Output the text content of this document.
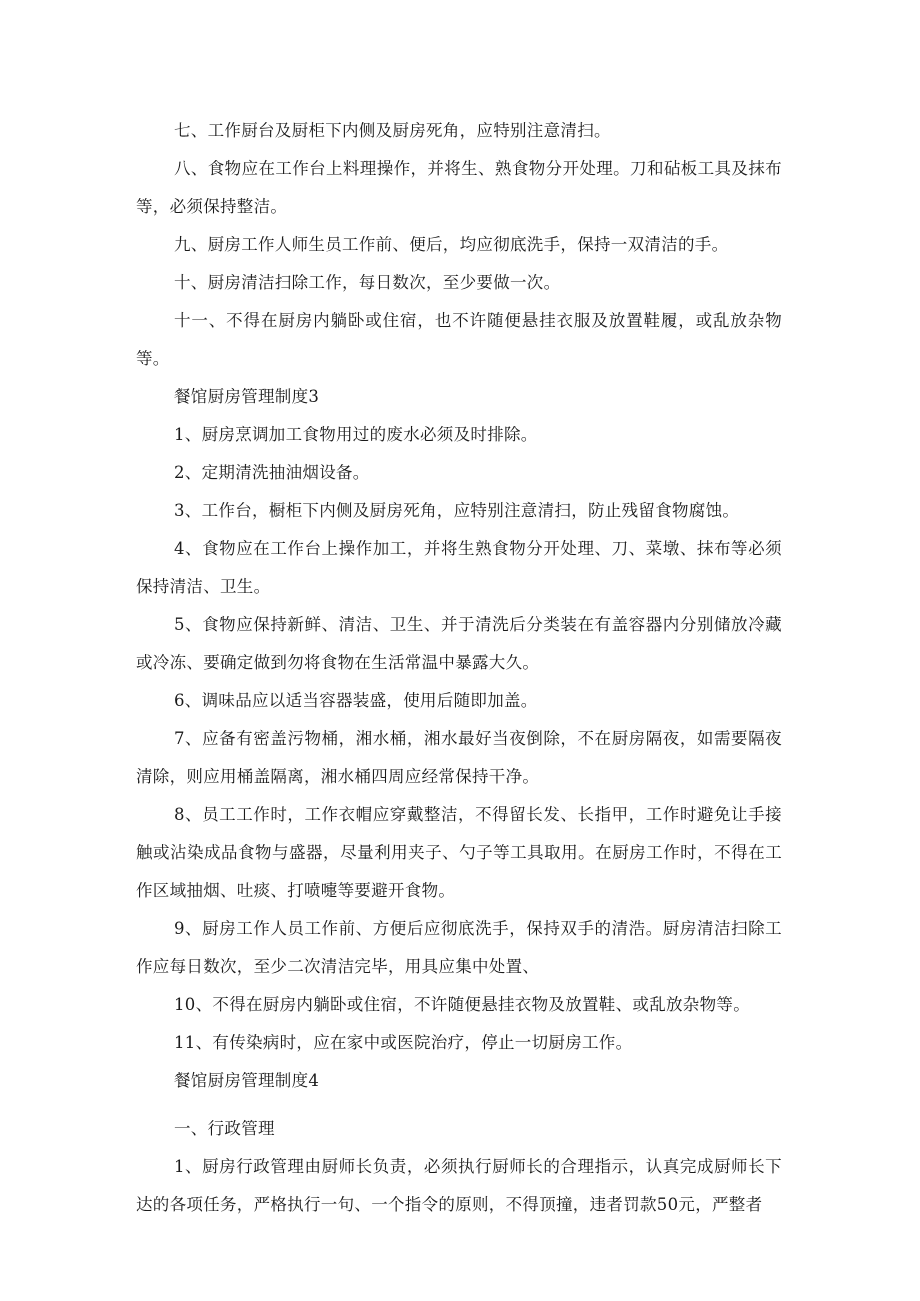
七、工作厨台及厨柜下内侧及厨房死角，应特别注意清扫。

八、食物应在工作台上料理操作，并将生、熟食物分开处理。刀和砧板工具及抹布等，必须保持整洁。

九、厨房工作人师生员工作前、便后，均应彻底洗手，保持一双清洁的手。

十、厨房清洁扫除工作，每日数次，至少要做一次。

十一、不得在厨房内躺卧或住宿，也不许随便悬挂衣服及放置鞋履，或乱放杂物等。

餐馆厨房管理制度3

1、厨房烹调加工食物用过的废水必须及时排除。

2、定期清洗抽油烟设备。

3、工作台，橱柜下内侧及厨房死角，应特别注意清扫，防止残留食物腐蚀。

4、食物应在工作台上操作加工，并将生熟食物分开处理、刀、菜墩、抹布等必须保持清洁、卫生。

5、食物应保持新鲜、清洁、卫生、并于清洗后分类装在有盖容器内分别储放冷藏或冷冻、要确定做到勿将食物在生活常温中暴露大久。

6、调味品应以适当容器装盛，使用后随即加盖。

7、应备有密盖污物桶，湘水桶，湘水最好当夜倒除，不在厨房隔夜，如需要隔夜清除，则应用桶盖隔离，湘水桶四周应经常保持干净。

8、员工工作时，工作衣帽应穿戴整洁，不得留长发、长指甲，工作时避免让手接触或沾染成品食物与盛器，尽量利用夹子、勺子等工具取用。在厨房工作时，不得在工作区域抽烟、吐痰、打喷嚏等要避开食物。

9、厨房工作人员工作前、方便后应彻底洗手，保持双手的清浩。厨房清洁扫除工作应每日数次，至少二次清洁完毕，用具应集中处置、

10、不得在厨房内躺卧或住宿，不许随便悬挂衣物及放置鞋、或乱放杂物等。

11、有传染病时，应在家中或医院治疗，停止一切厨房工作。

餐馆厨房管理制度4

一、行政管理

1、厨房行政管理由厨师长负责，必须执行厨师长的合理指示，认真完成厨师长下达的各项任务，严格执行一句、一个指令的原则，不得顶撞，违者罚款50元，严整者
